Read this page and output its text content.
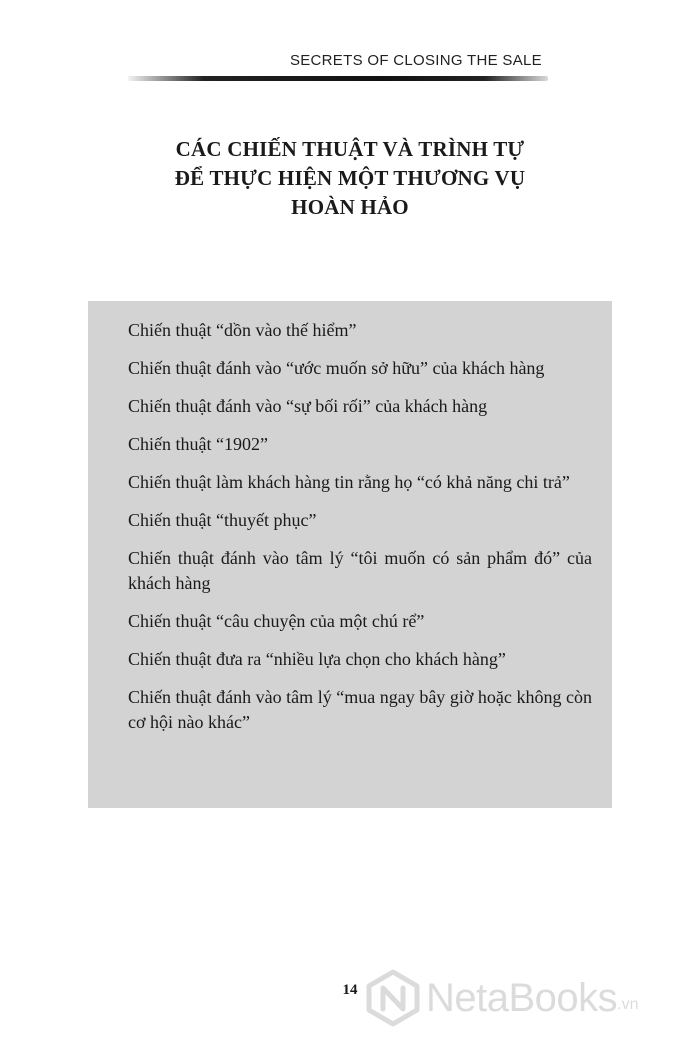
SECRETS OF CLOSING THE SALE
CÁC CHIẾN THUẬT VÀ TRÌNH TỰ
ĐỂ THỰC HIỆN MỘT THƯƠNG VỤ
HOÀN HẢO
Chiến thuật “dồn vào thế hiểm”
Chiến thuật đánh vào “ước muốn sở hữu” của khách hàng
Chiến thuật đánh vào “sự bối rối” của khách hàng
Chiến thuật “1902”
Chiến thuật làm khách hàng tin rằng họ “có khả năng chi trả”
Chiến thuật “thuyết phục”
Chiến thuật đánh vào tâm lý “tôi muốn có sản phẩm đó” của khách hàng
Chiến thuật “câu chuyện của một chú rể”
Chiến thuật đưa ra “nhiều lựa chọn cho khách hàng”
Chiến thuật đánh vào tâm lý “mua ngay bây giờ hoặc không còn cơ hội nào khác”
14	NetaBooks .vn
